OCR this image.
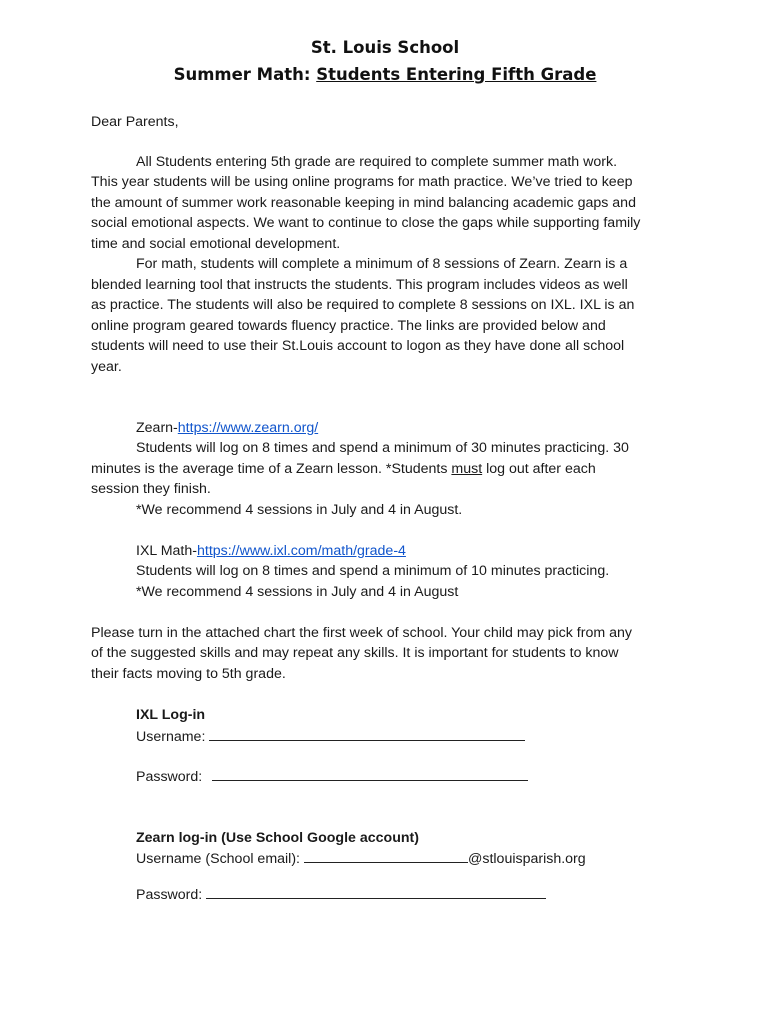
St. Louis School
Summer Math: Students Entering Fifth Grade
Dear Parents,
All Students entering 5th grade are required to complete summer math work.
This year students will be using online programs for math practice. We’ve tried to keep
the amount of summer work reasonable keeping in mind balancing academic gaps and
social emotional aspects. We want to continue to close the gaps while supporting family
time and social emotional development.
For math, students will complete a minimum of 8 sessions of Zearn. Zearn is a
blended learning tool that instructs the students. This program includes videos as well
as practice. The students will also be required to complete 8 sessions on IXL. IXL is an
online program geared towards fluency practice. The links are provided below and
students will need to use their St.Louis account to logon as they have done all school
year.
Zearn-https://www.zearn.org/
Students will log on 8 times and spend a minimum of 30 minutes practicing. 30
minutes is the average time of a Zearn lesson. *Students must log out after each
session they finish.
*We recommend 4 sessions in July and 4 in August.
IXL Math-https://www.ixl.com/math/grade-4
Students will log on 8 times and spend a minimum of 10 minutes practicing.
*We recommend 4 sessions in July and 4 in August
Please turn in the attached chart the first week of school. Your child may pick from any
of the suggested skills and may repeat any skills. It is important for students to know
their facts moving to 5th grade.
IXL Log-in
Username:
Password:
Zearn log-in (Use School Google account)
Username (School email):	@stlouisparish.org
Password:
